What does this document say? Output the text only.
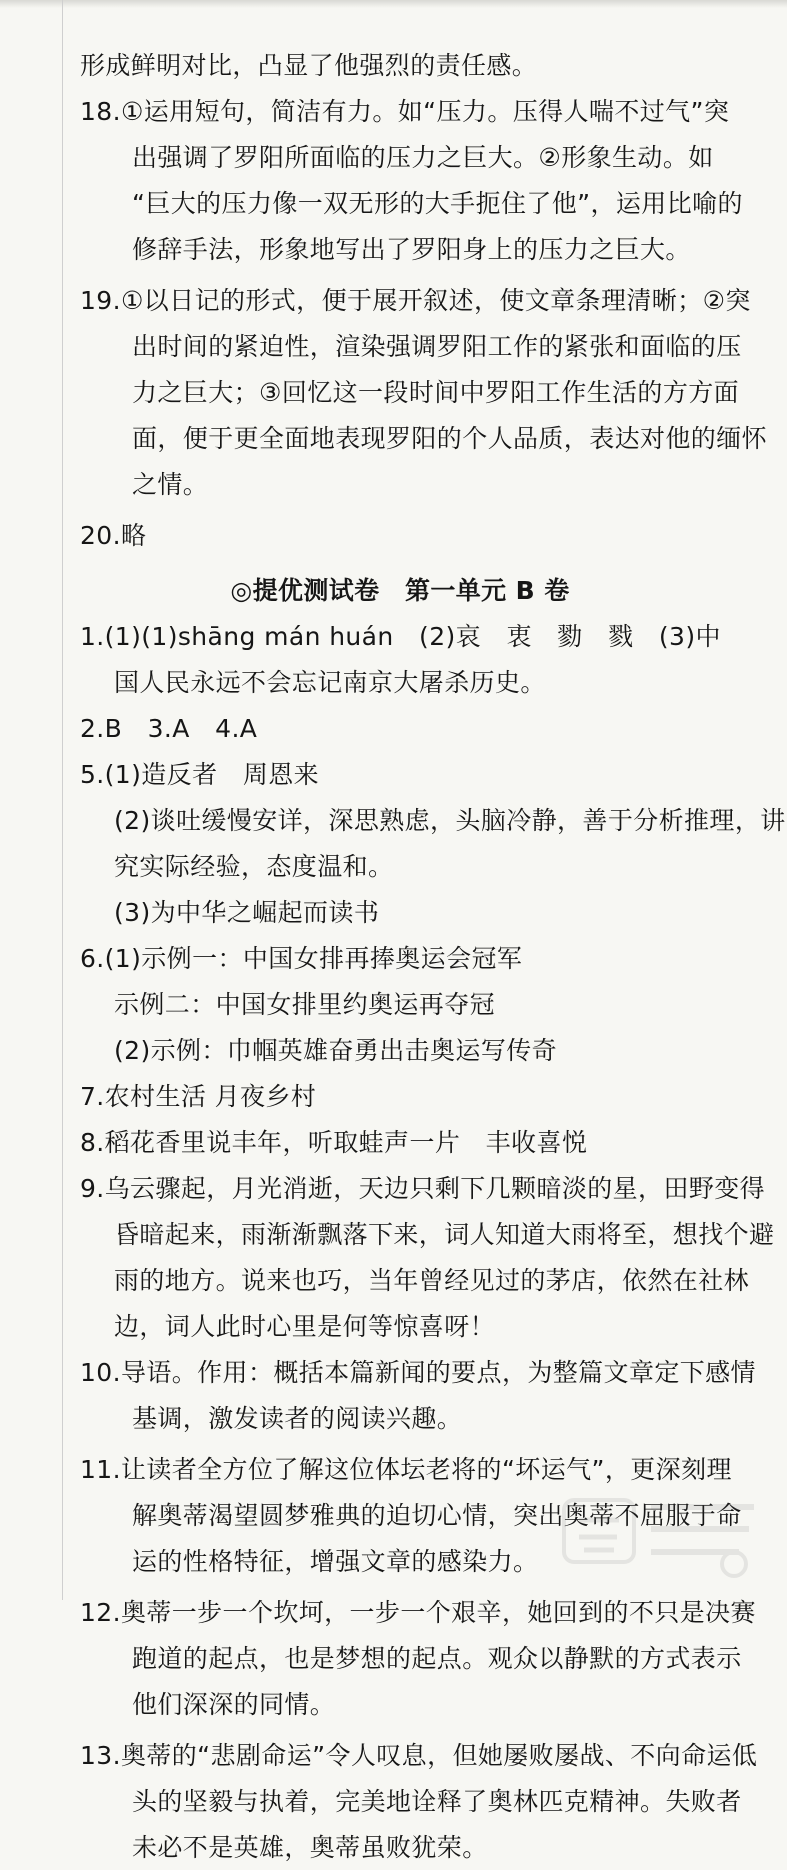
形成鲜明对比，凸显了他强烈的责任感。
18.①运用短句，简洁有力。如“压力。压得人喘不过气”突
出强调了罗阳所面临的压力之巨大。②形象生动。如
“巨大的压力像一双无形的大手扼住了他”，运用比喻的
修辞手法，形象地写出了罗阳身上的压力之巨大。
19.①以日记的形式，便于展开叙述，使文章条理清晰；②突
出时间的紧迫性，渲染强调罗阳工作的紧张和面临的压
力之巨大；③回忆这一段时间中罗阳工作生活的方方面
面，便于更全面地表现罗阳的个人品质，表达对他的缅怀
之情。
20.略
◎提优测试卷　第一单元 B 卷
1.(1)(1)shāng mán huán　(2)哀　衷　勠　戮　(3)中
国人民永远不会忘记南京大屠杀历史。
2.B　3.A　4.A
5.(1)造反者　周恩来
(2)谈吐缓慢安详，深思熟虑，头脑冷静，善于分析推理，讲
究实际经验，态度温和。
(3)为中华之崛起而读书
6.(1)示例一：中国女排再捧奥运会冠军
示例二：中国女排里约奥运再夺冠
(2)示例：巾帼英雄奋勇出击奥运写传奇
7.农村生活 月夜乡村
8.稻花香里说丰年，听取蛙声一片　丰收喜悦
9.乌云骤起，月光消逝，天边只剩下几颗暗淡的星，田野变得
昏暗起来，雨渐渐飘落下来，词人知道大雨将至，想找个避
雨的地方。说来也巧，当年曾经见过的茅店，依然在社林
边，词人此时心里是何等惊喜呀！
10.导语。作用：概括本篇新闻的要点，为整篇文章定下感情
基调，激发读者的阅读兴趣。
11.让读者全方位了解这位体坛老将的“坏运气”，更深刻理
解奥蒂渴望圆梦雅典的迫切心情，突出奥蒂不屈服于命
运的性格特征，增强文章的感染力。
12.奥蒂一步一个坎坷，一步一个艰辛，她回到的不只是决赛
跑道的起点，也是梦想的起点。观众以静默的方式表示
他们深深的同情。
13.奥蒂的“悲剧命运”令人叹息，但她屡败屡战、不向命运低
头的坚毅与执着，完美地诠释了奥林匹克精神。失败者
未必不是英雄，奥蒂虽败犹荣。
